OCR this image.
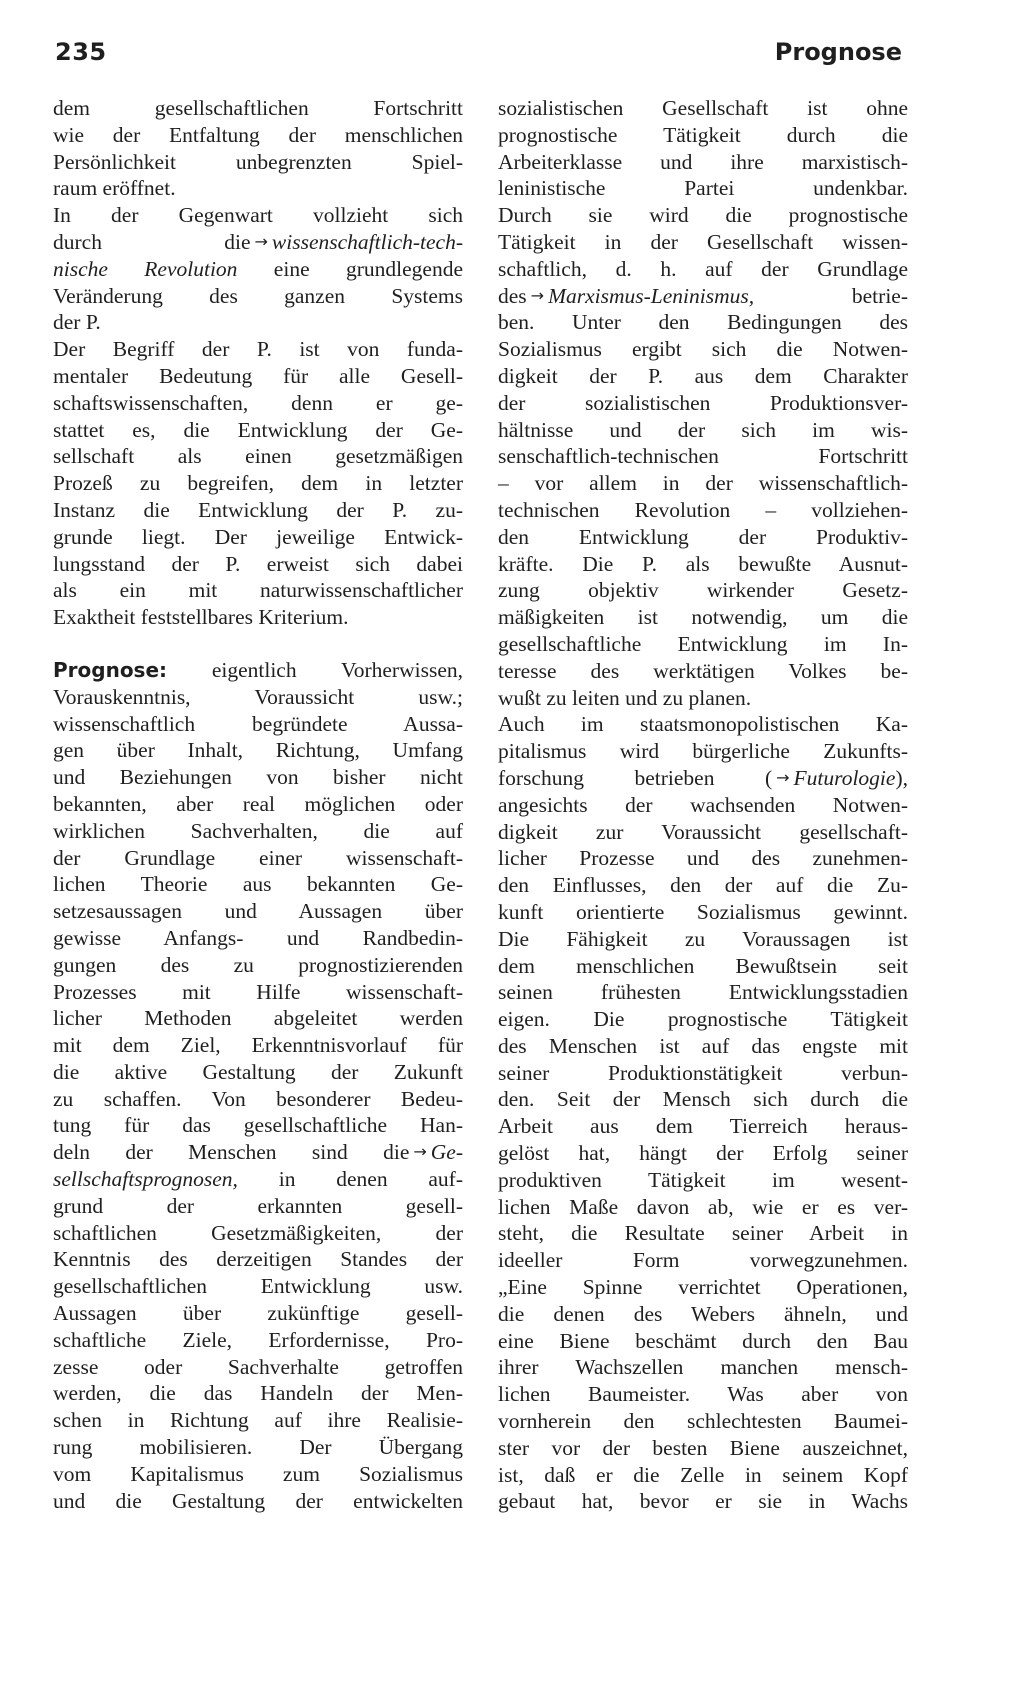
235	Prognose
dem gesellschaftlichen Fortschritt
wie der Entfaltung der menschlichen
Persönlichkeit unbegrenzten Spiel-
raum eröffnet.
In der Gegenwart vollzieht sich
durch die → wissenschaftlich-tech-
nische Revolution eine grundlegende
Veränderung des ganzen Systems
der P.
Der Begriff der P. ist von funda-
mentaler Bedeutung für alle Gesell-
schaftswissenschaften, denn er ge-
stattet es, die Entwicklung der Ge-
sellschaft als einen gesetzmäßigen
Prozeß zu begreifen, dem in letzter
Instanz die Entwicklung der P. zu-
grunde liegt. Der jeweilige Entwick-
lungsstand der P. erweist sich dabei
als ein mit naturwissenschaftlicher
Exaktheit feststellbares Kriterium.
Prognose: eigentlich Vorherwissen,
Vorauskenntnis, Voraussicht usw.;
wissenschaftlich begründete Aussa-
gen über Inhalt, Richtung, Umfang
und Beziehungen von bisher nicht
bekannten, aber real möglichen oder
wirklichen Sachverhalten, die auf
der Grundlage einer wissenschaft-
lichen Theorie aus bekannten Ge-
setzesaussagen und Aussagen über
gewisse Anfangs- und Randbedin-
gungen des zu prognostizierenden
Prozesses mit Hilfe wissenschaft-
licher Methoden abgeleitet werden
mit dem Ziel, Erkenntnisvorlauf für
die aktive Gestaltung der Zukunft
zu schaffen. Von besonderer Bedeu-
tung für das gesellschaftliche Han-
deln der Menschen sind die → Ge-
sellschaftsprognosen, in denen auf-
grund der erkannten gesell-
schaftlichen Gesetzmäßigkeiten, der
Kenntnis des derzeitigen Standes der
gesellschaftlichen Entwicklung usw.
Aussagen über zukünftige gesell-
schaftliche Ziele, Erfordernisse, Pro-
zesse oder Sachverhalte getroffen
werden, die das Handeln der Men-
schen in Richtung auf ihre Realisie-
rung mobilisieren. Der Übergang
vom Kapitalismus zum Sozialismus
und die Gestaltung der entwickelten
sozialistischen Gesellschaft ist ohne
prognostische Tätigkeit durch die
Arbeiterklasse und ihre marxistisch-
leninistische Partei undenkbar.
Durch sie wird die prognostische
Tätigkeit in der Gesellschaft wissen-
schaftlich, d. h. auf der Grundlage
des → Marxismus-Leninismus, betrie-
ben. Unter den Bedingungen des
Sozialismus ergibt sich die Notwen-
digkeit der P. aus dem Charakter
der sozialistischen Produktionsver-
hältnisse und der sich im wis-
senschaftlich-technischen Fortschritt
– vor allem in der wissenschaftlich-
technischen Revolution – vollziehen-
den Entwicklung der Produktiv-
kräfte. Die P. als bewußte Ausnut-
zung objektiv wirkender Gesetz-
mäßigkeiten ist notwendig, um die
gesellschaftliche Entwicklung im In-
teresse des werktätigen Volkes be-
wußt zu leiten und zu planen.
Auch im staatsmonopolistischen Ka-
pitalismus wird bürgerliche Zukunfts-
forschung betrieben ( → Futurologie),
angesichts der wachsenden Notwen-
digkeit zur Voraussicht gesellschaft-
licher Prozesse und des zunehmen-
den Einflusses, den der auf die Zu-
kunft orientierte Sozialismus gewinnt.
Die Fähigkeit zu Voraussagen ist
dem menschlichen Bewußtsein seit
seinen frühesten Entwicklungsstadien
eigen. Die prognostische Tätigkeit
des Menschen ist auf das engste mit
seiner Produktionstätigkeit verbun-
den. Seit der Mensch sich durch die
Arbeit aus dem Tierreich heraus-
gelöst hat, hängt der Erfolg seiner
produktiven Tätigkeit im wesent-
lichen Maße davon ab, wie er es ver-
steht, die Resultate seiner Arbeit in
ideeller Form vorwegzunehmen.
„Eine Spinne verrichtet Operationen,
die denen des Webers ähneln, und
eine Biene beschämt durch den Bau
ihrer Wachszellen manchen mensch-
lichen Baumeister. Was aber von
vornherein den schlechtesten Baumei-
ster vor der besten Biene auszeichnet,
ist, daß er die Zelle in seinem Kopf
gebaut hat, bevor er sie in Wachs
